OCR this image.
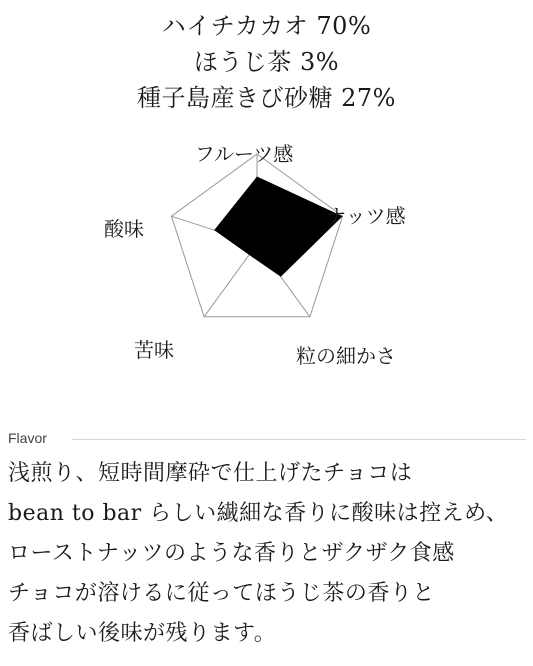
ハイチカカオ 70%
ほうじ茶 3%
種子島産きび砂糖 27%
フルーツ感
ナッツ感
粒の細かさ
苦味
酸味
Flavor
浅煎り、短時間摩砕で仕上げたチョコは
bean to bar らしい繊細な香りに酸味は控えめ、
ローストナッツのような香りとザクザク食感
チョコが溶けるに従ってほうじ茶の香りと
香ばしい後味が残ります。
